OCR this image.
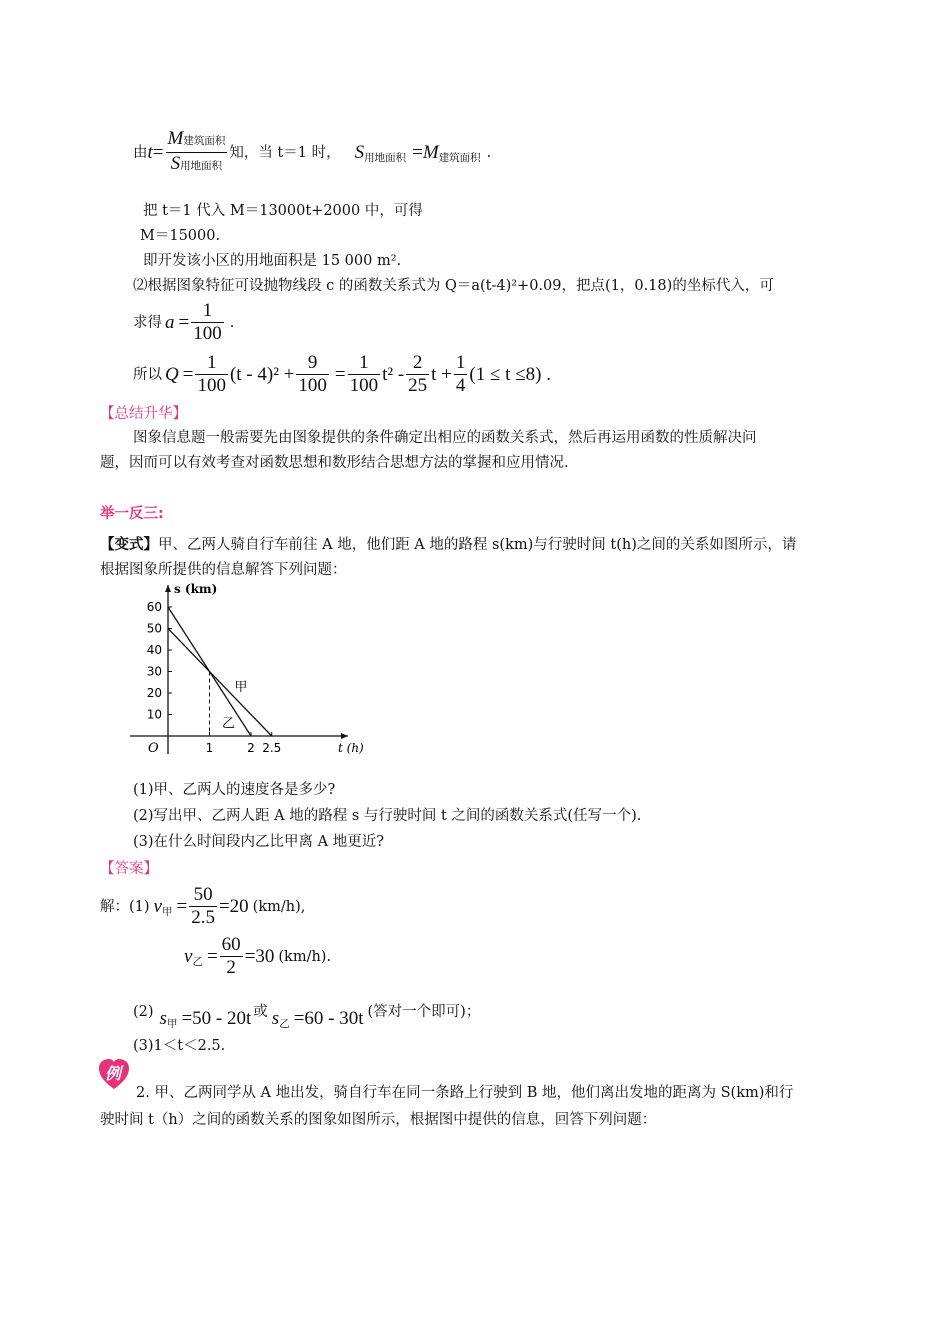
由 $t = \frac{\text{M建筑面积}}{\text{S用地面积}}$ 知，当 t＝1 时， S 用地面积 = M 建筑面积 .
把 t＝1 代入 M＝13000t+2000 中，可得
M＝15000.
即开发该小区的用地面积是 15 000 m².
⑵根据图象特征可设抛物线段 c 的函数关系式为 Q＝a(t-4)²+0.09，把点(1，0.18)的坐标代入，可
求得 $a = \frac{1}{100}$ .
所以 $Q = \frac{1}{100} (t - 4)^2 + \frac{9}{100} = \frac{1}{100} t^2 - \frac{2}{25}$ $t + \frac{1}{4} (1 \le t \le 8)$ .
【总结升华】
图象信息题一般需要先由图象提供的条件确定出相应的函数关系式，然后再运用函数的性质解决问
题，因而可以有效考查对函数思想和数形结合思想方法的掌握和应用情况.
举一反三:
【变式】甲、乙两人骑自行车前往 A 地，他们距 A 地的路程 s(km)与行驶时间 t(h)之间的关系如图所示，请
根据图象所提供的信息解答下列问题：
s (km)
t (h)
O
10
20
30
40
50
60
1	2 2.5
甲
乙
(1)甲、乙两人的速度各是多少?
(2)写出甲、乙两人距 A 地的路程 s 与行驶时间 t 之间的函数关系式(任写一个).
(3)在什么时间段内乙比甲离 A 地更近?
【答案】
解：(1) v 甲 = $\frac{50}{2.5} =20$ (km/h) ,
v 乙 = $\frac{60}{2} =30$ (km/h) .
(2) s 甲 =50 - 20t 或 s 乙 =60 - 30t (答对一个即可)；
(3)1＜t＜2.5.
例
2. 甲、乙两同学从 A 地出发，骑自行车在同一条路上行驶到 B 地，他们离出发地的距离为 S(km)和行
驶时间 t（h）之间的函数关系的图象如图所示，根据图中提供的信息，回答下列问题：
